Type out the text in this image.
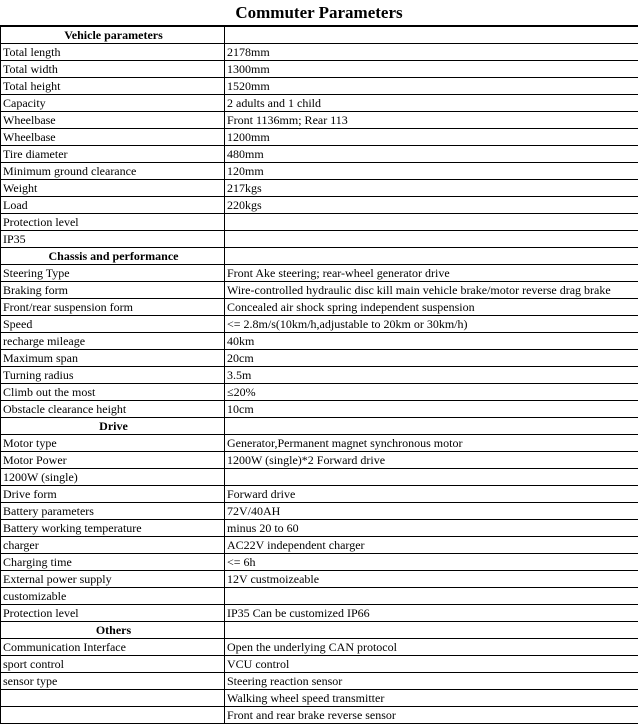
Commuter Parameters
Vehicle parameters	
Total length	2178mm
Total width	1300mm
Total height	1520mm
Capacity	2 adults and 1 child
Wheelbase	Front 1136mm; Rear 113
Wheelbase	1200mm
Tire diameter	480mm
Minimum ground clearance	120mm
Weight	217kgs
Load	220kgs
Protection level	
IP35	
Chassis and performance	
Steering Type	Front Ake steering; rear-wheel generator drive
Braking form	Wire-controlled hydraulic disc kill main vehicle brake/motor reverse drag brake
Front/rear suspension form	Concealed air shock spring independent suspension
Speed	<= 2.8m/s(10km/h,adjustable to 20km or 30km/h)
recharge mileage	40km
Maximum span	20cm
Turning radius	3.5m
Climb out the most	≤20%
Obstacle clearance height	10cm
Drive	
Motor type	Generator,Permanent magnet synchronous motor
Motor Power	1200W (single)*2 Forward drive
1200W (single)	
Drive form	Forward drive
Battery parameters	72V/40AH
Battery working temperature	minus 20 to 60
charger	AC22V independent charger
Charging time	<= 6h
External power supply	12V custmoizeable
customizable	
Protection level	IP35 Can be customized IP66
Others	
Communication Interface	Open the underlying CAN protocol
sport control	VCU control
sensor type	Steering reaction sensor
	Walking wheel speed transmitter
	Front and rear brake reverse sensor
